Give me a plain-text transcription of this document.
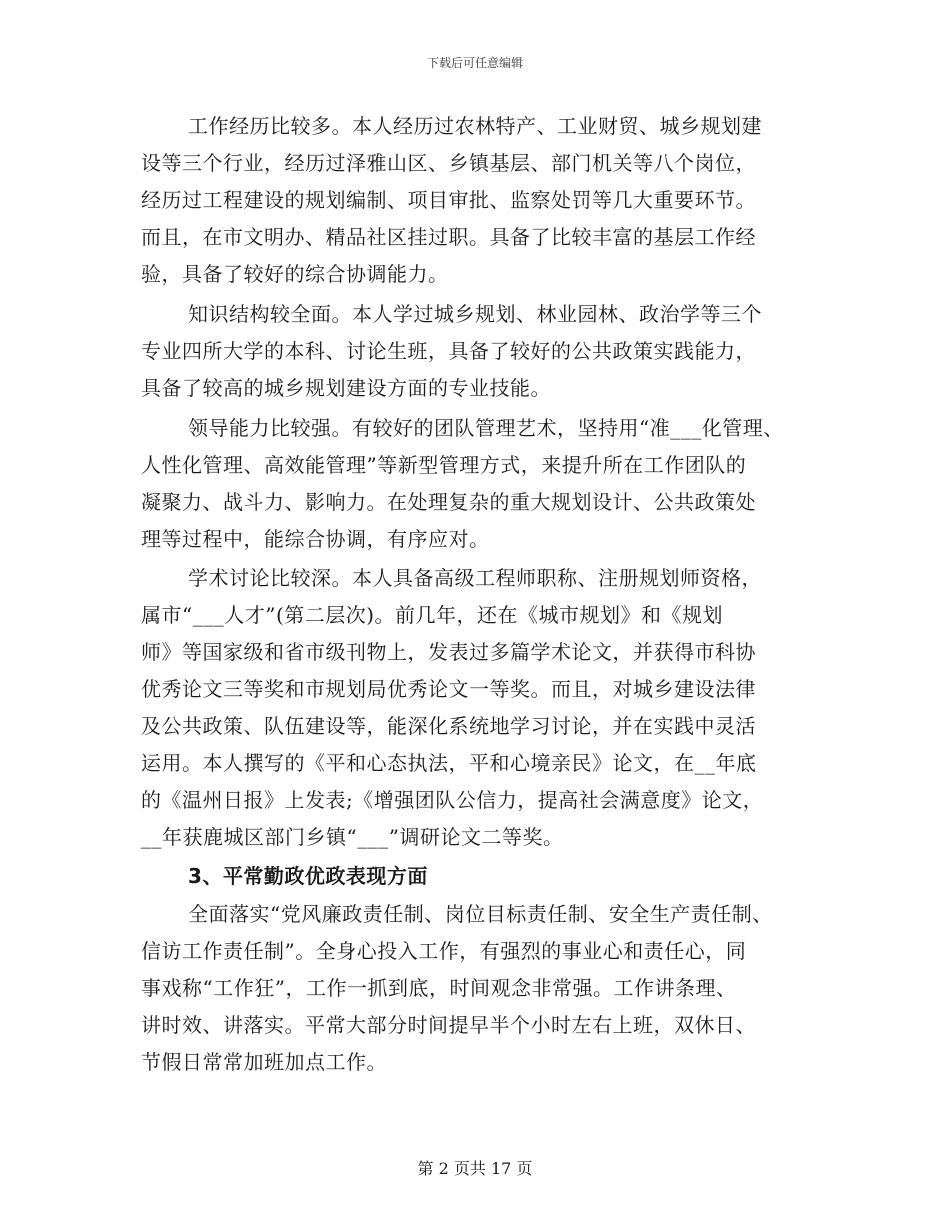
下载后可任意编辑
工作经历比较多。本人经历过农林特产、工业财贸、城乡规划建
设等三个行业，经历过泽雅山区、乡镇基层、部门机关等八个岗位，
经历过工程建设的规划编制、项目审批、监察处罚等几大重要环节。
而且，在市文明办、精品社区挂过职。具备了比较丰富的基层工作经
验，具备了较好的综合协调能力。
知识结构较全面。本人学过城乡规划、林业园林、政治学等三个
专业四所大学的本科、讨论生班，具备了较好的公共政策实践能力，
具备了较高的城乡规划建设方面的专业技能。
领导能力比较强。有较好的团队管理艺术，坚持用“准___化管理、
人性化管理、高效能管理”等新型管理方式，来提升所在工作团队的
凝聚力、战斗力、影响力。在处理复杂的重大规划设计、公共政策处
理等过程中，能综合协调，有序应对。
学术讨论比较深。本人具备高级工程师职称、注册规划师资格，
属市“___人才”(第二层次)。前几年，还在《城市规划》和《规划
师》等国家级和省市级刊物上，发表过多篇学术论文，并获得市科协
优秀论文三等奖和市规划局优秀论文一等奖。而且，对城乡建设法律
及公共政策、队伍建设等，能深化系统地学习讨论，并在实践中灵活
运用。本人撰写的《平和心态执法，平和心境亲民》论文，在__年底
的《温州日报》上发表;《增强团队公信力，提高社会满意度》论文，
__年获鹿城区部门乡镇“___”调研论文二等奖。
3、平常勤政优政表现方面
全面落实“党风廉政责任制、岗位目标责任制、安全生产责任制、
信访工作责任制”。全身心投入工作，有强烈的事业心和责任心，同
事戏称“工作狂”，工作一抓到底，时间观念非常强。工作讲条理、
讲时效、讲落实。平常大部分时间提早半个小时左右上班，双休日、
节假日常常加班加点工作。
第 2 页共 17 页
